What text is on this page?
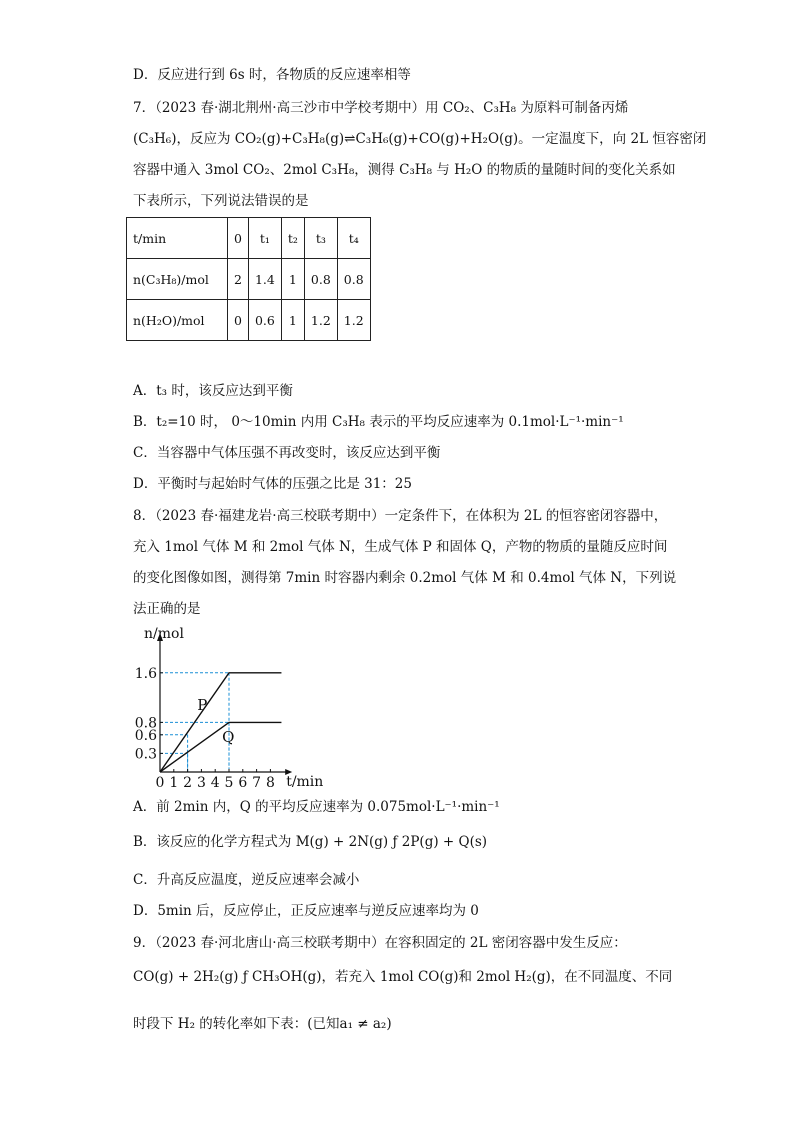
D．反应进行到 6s 时，各物质的反应速率相等
7．（2023 春·湖北荆州·高三沙市中学校考期中）用 CO₂、C₃H₈ 为原料可制备丙烯
(C₃H₆)，反应为 CO₂(g)+C₃H₈(g)⇌C₃H₆(g)+CO(g)+H₂O(g)。一定温度下，向 2L 恒容密闭
容器中通入 3mol CO₂、2mol C₃H₈，测得 C₃H₈ 与 H₂O 的物质的量随时间的变化关系如
下表所示，下列说法错误的是
t/min	0	t₁	t₂	t₃	t₄
n(C₃H₈)/mol	2	1.4	1	0.8	0.8
n(H₂O)/mol	0	0.6	1	1.2	1.2
A．t₃ 时，该反应达到平衡
B．t₂=10 时， 0～10min 内用 C₃H₈ 表示的平均反应速率为 0.1mol·L⁻¹·min⁻¹
C．当容器中气体压强不再改变时，该反应达到平衡
D．平衡时与起始时气体的压强之比是 31：25
8．（2023 春·福建龙岩·高三校联考期中）一定条件下，在体积为 2L 的恒容密闭容器中，
充入 1mol 气体 M 和 2mol 气体 N，生成气体 P 和固体 Q，产物的物质的量随反应时间
的变化图像如图，测得第 7min 时容器内剩余 0.2mol 气体 M 和 0.4mol 气体 N，下列说
法正确的是
0 1 2 3 4 5 6 7 8
0.3
0.6
0.8
1.6
n/mol
t/min
P
Q
A．前 2min 内，Q 的平均反应速率为 0.075mol·L⁻¹·min⁻¹
B．该反应的化学方程式为 M(g) + 2N(g) ƒ 2P(g) + Q(s)
C．升高反应温度，逆反应速率会减小
D．5min 后，反应停止，正反应速率与逆反应速率均为 0
9．（2023 春·河北唐山·高三校联考期中）在容积固定的 2L 密闭容器中发生反应：
CO(g) + 2H₂(g) ƒ CH₃OH(g)，若充入 1mol CO(g)和 2mol H₂(g)，在不同温度、不同
时段下 H₂ 的转化率如下表：(已知a₁ ≠ a₂)
